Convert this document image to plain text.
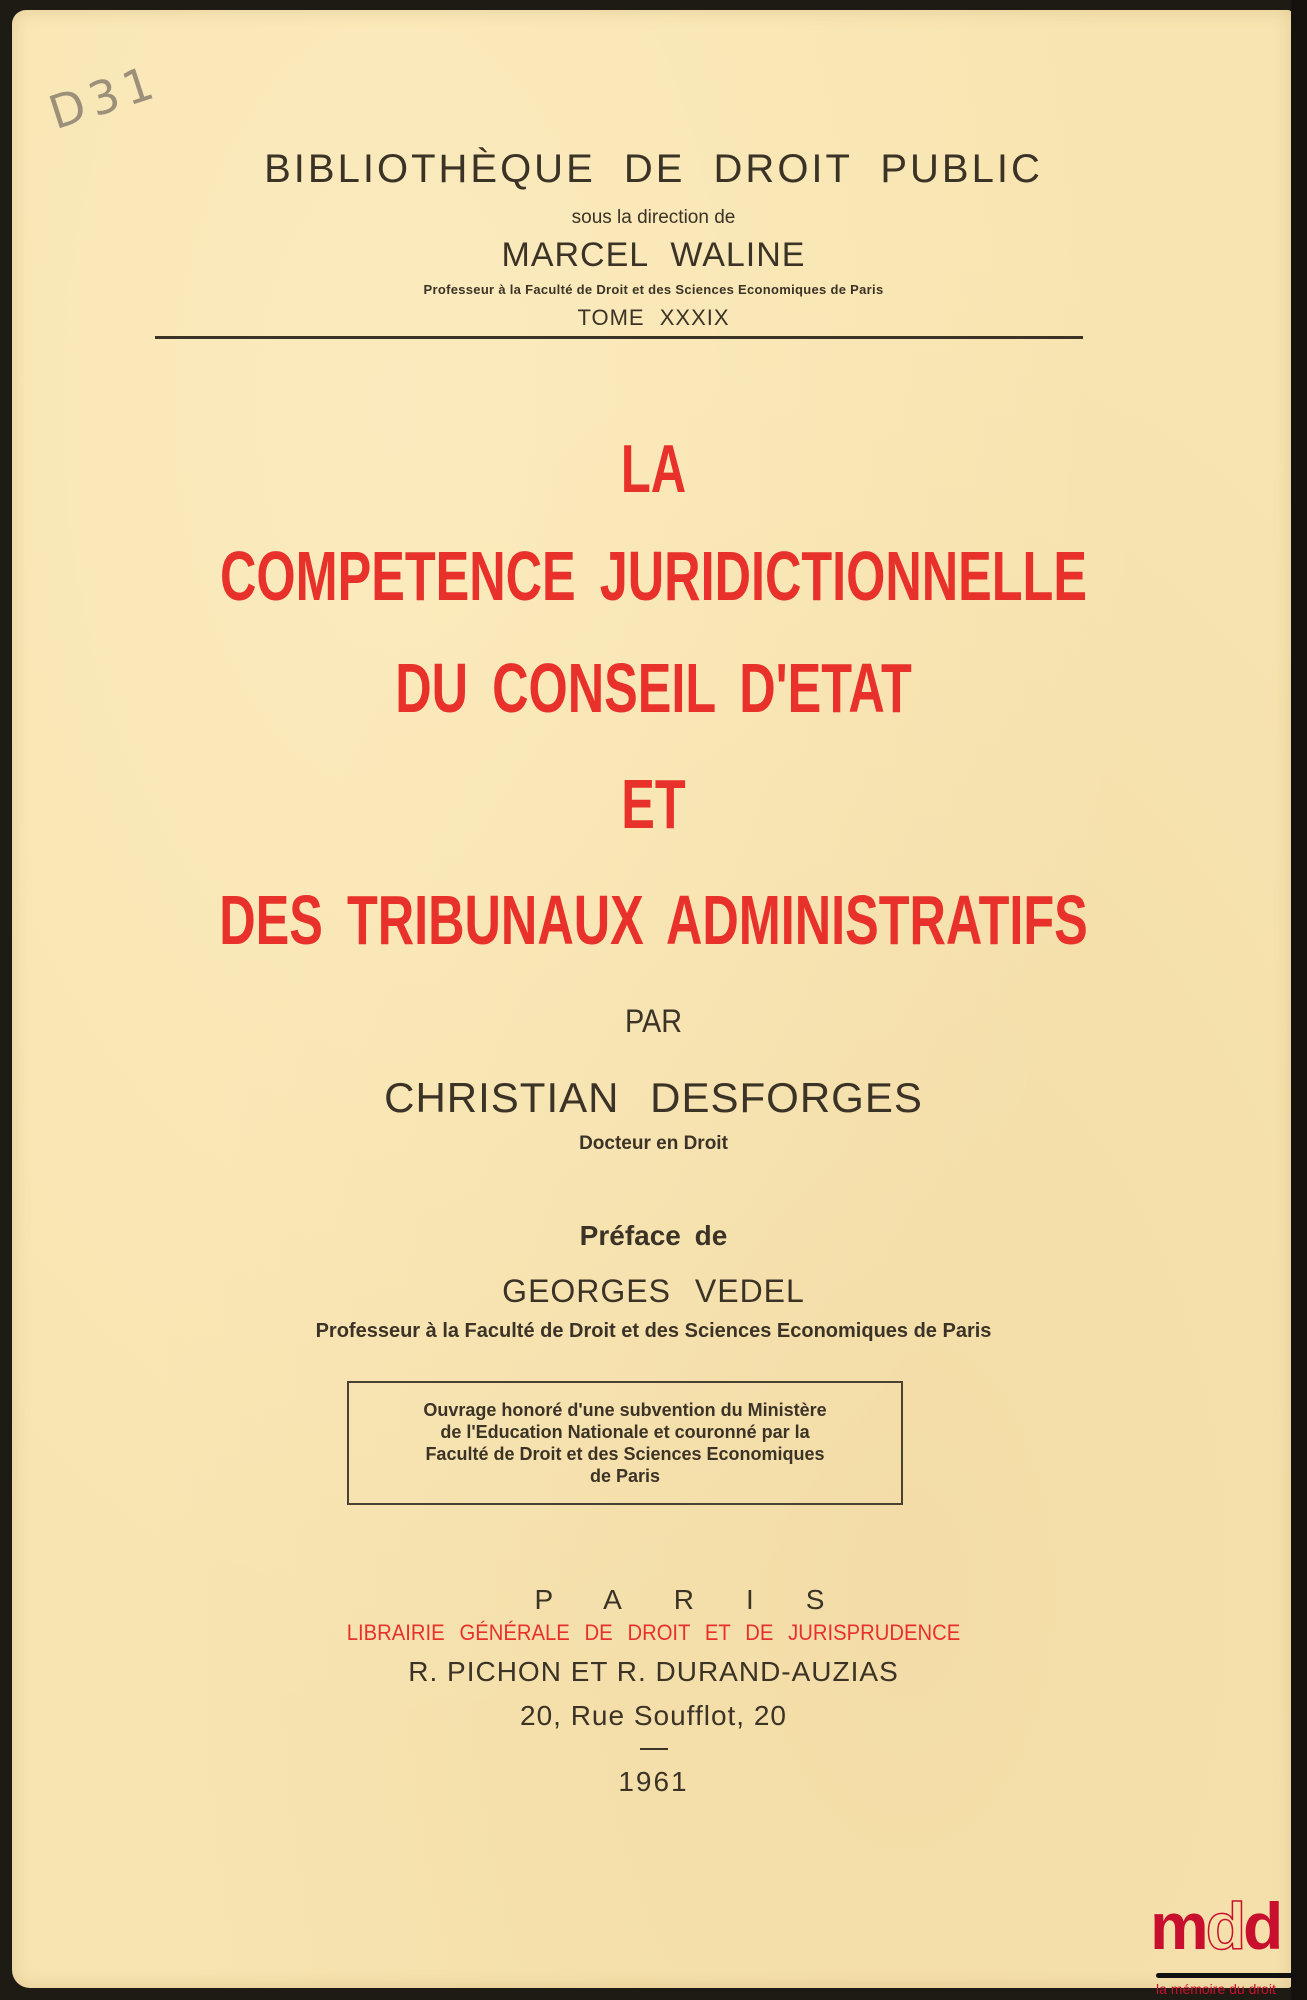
D31
BIBLIOTHÈQUE DE DROIT PUBLIC
sous la direction de
MARCEL WALINE
Professeur à la Faculté de Droit et des Sciences Economiques de Paris
TOME XXXIX
LA
COMPETENCE JURIDICTIONNELLE
DU CONSEIL D'ETAT
ET
DES TRIBUNAUX ADMINISTRATIFS
PAR
CHRISTIAN DESFORGES
Docteur en Droit
Préface de
GEORGES VEDEL
Professeur à la Faculté de Droit et des Sciences Economiques de Paris
Ouvrage honoré d'une subvention du Ministère
de l'Education Nationale et couronné par la
Faculté de Droit et des Sciences Economiques
de Paris
PARIS
LIBRAIRIE GÉNÉRALE DE DROIT ET DE JURISPRUDENCE
R. PICHON ET R. DURAND-AUZIAS
20, Rue Soufflot, 20
1961
mdd
la mémoire du droit
